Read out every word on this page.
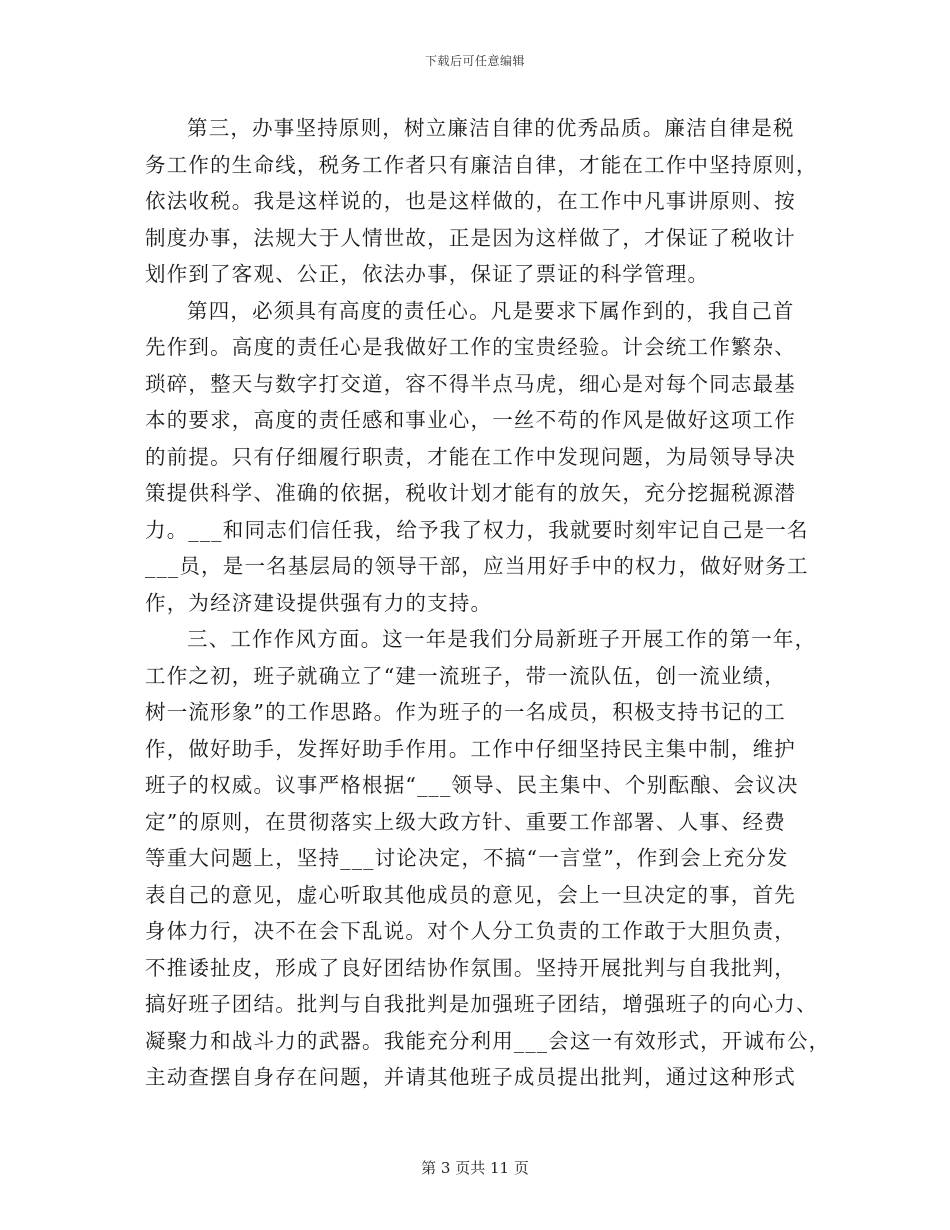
下载后可任意编辑
第三，办事坚持原则，树立廉洁自律的优秀品质。廉洁自律是税
务工作的生命线，税务工作者只有廉洁自律，才能在工作中坚持原则，
依法收税。我是这样说的，也是这样做的，在工作中凡事讲原则、按
制度办事，法规大于人情世故，正是因为这样做了，才保证了税收计
划作到了客观、公正，依法办事，保证了票证的科学管理。
第四，必须具有高度的责任心。凡是要求下属作到的，我自己首
先作到。高度的责任心是我做好工作的宝贵经验。计会统工作繁杂、
琐碎，整天与数字打交道，容不得半点马虎，细心是对每个同志最基
本的要求，高度的责任感和事业心，一丝不苟的作风是做好这项工作
的前提。只有仔细履行职责，才能在工作中发现问题，为局领导导决
策提供科学、准确的依据，税收计划才能有的放矢，充分挖掘税源潜
力。___和同志们信任我，给予我了权力，我就要时刻牢记自己是一名
___员，是一名基层局的领导干部，应当用好手中的权力，做好财务工
作，为经济建设提供强有力的支持。
三、工作作风方面。这一年是我们分局新班子开展工作的第一年，
工作之初，班子就确立了“建一流班子，带一流队伍，创一流业绩，
树一流形象”的工作思路。作为班子的一名成员，积极支持书记的工
作，做好助手，发挥好助手作用。工作中仔细坚持民主集中制，维护
班子的权威。议事严格根据“___领导、民主集中、个别酝酿、会议决
定”的原则，在贯彻落实上级大政方针、重要工作部署、人事、经费
等重大问题上，坚持___讨论决定，不搞“一言堂”，作到会上充分发
表自己的意见，虚心听取其他成员的意见，会上一旦决定的事，首先
身体力行，决不在会下乱说。对个人分工负责的工作敢于大胆负责，
不推诿扯皮，形成了良好团结协作氛围。坚持开展批判与自我批判，
搞好班子团结。批判与自我批判是加强班子团结，增强班子的向心力、
凝聚力和战斗力的武器。我能充分利用___会这一有效形式，开诚布公，
主动查摆自身存在问题，并请其他班子成员提出批判，通过这种形式
第 3 页共 11 页
